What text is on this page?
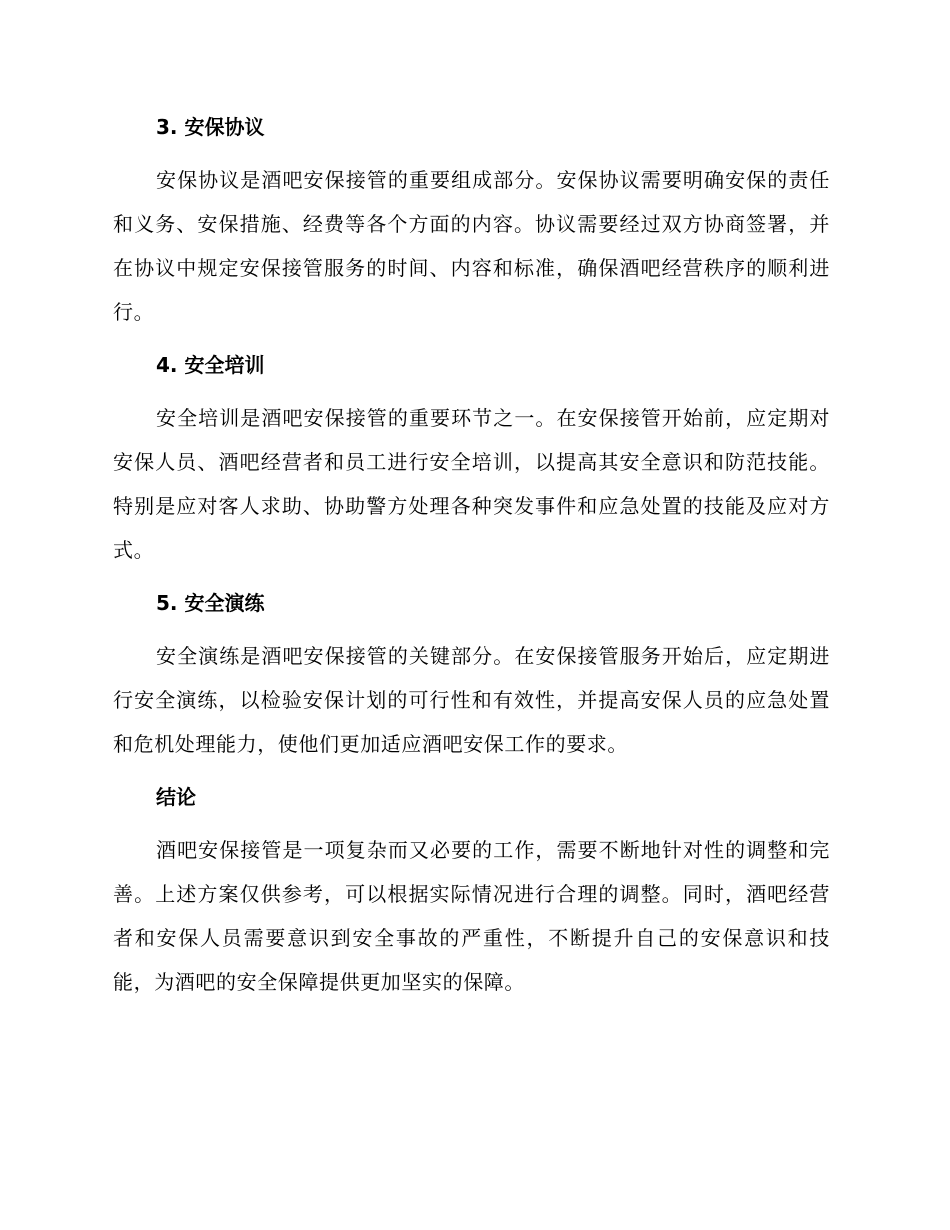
3. 安保协议

安保协议是酒吧安保接管的重要组成部分。安保协议需要明确安保的责任和义务、安保措施、经费等各个方面的内容。协议需要经过双方协商签署，并在协议中规定安保接管服务的时间、内容和标准，确保酒吧经营秩序的顺利进行。

4. 安全培训

安全培训是酒吧安保接管的重要环节之一。在安保接管开始前，应定期对安保人员、酒吧经营者和员工进行安全培训，以提高其安全意识和防范技能。特别是应对客人求助、协助警方处理各种突发事件和应急处置的技能及应对方式。

5. 安全演练

安全演练是酒吧安保接管的关键部分。在安保接管服务开始后，应定期进行安全演练，以检验安保计划的可行性和有效性，并提高安保人员的应急处置和危机处理能力，使他们更加适应酒吧安保工作的要求。

结论

酒吧安保接管是一项复杂而又必要的工作，需要不断地针对性的调整和完善。上述方案仅供参考，可以根据实际情况进行合理的调整。同时，酒吧经营者和安保人员需要意识到安全事故的严重性，不断提升自己的安保意识和技能，为酒吧的安全保障提供更加坚实的保障。
